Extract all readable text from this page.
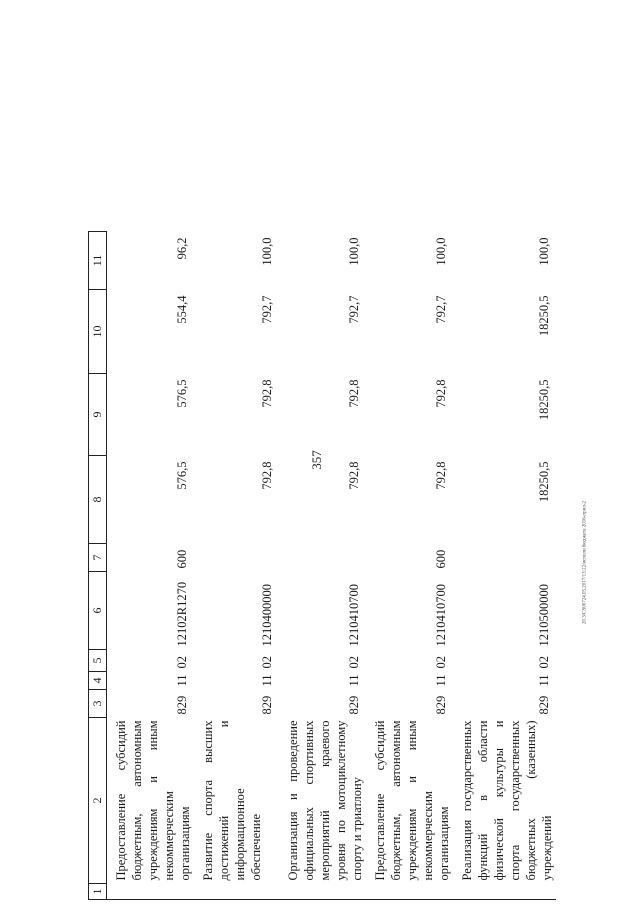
357
20.3/CS00724.05.2017/13:22/исполн бюджета 2016-прил-2
1	2	3	4	5	6	7	8	9	10	11
	Предоставление субсидий бюджетным, автономным учреждениям и иным некоммерческим организациям	829	11	02	12102R1270	600	576,5	576,5	554,4	96,2
	Развитие спорта высших достижений и информационное обеспечение	829	11	02	1210400000		792,8	792,8	792,7	100,0
	Организация и проведение официальных спортивных мероприятий краевого уровня по мотоциклетному спорту и триатлону	829	11	02	1210410700		792,8	792,8	792,7	100,0
	Предоставление субсидий бюджетным, автономным учреждениям и иным некоммерческим организациям	829	11	02	1210410700	600	792,8	792,8	792,7	100,0
	Реализация государственных функций в области физической культуры и спорта государственных бюджетных (казенных) учреждений	829	11	02	1210500000		18250,5	18250,5	18250,5	100,0
